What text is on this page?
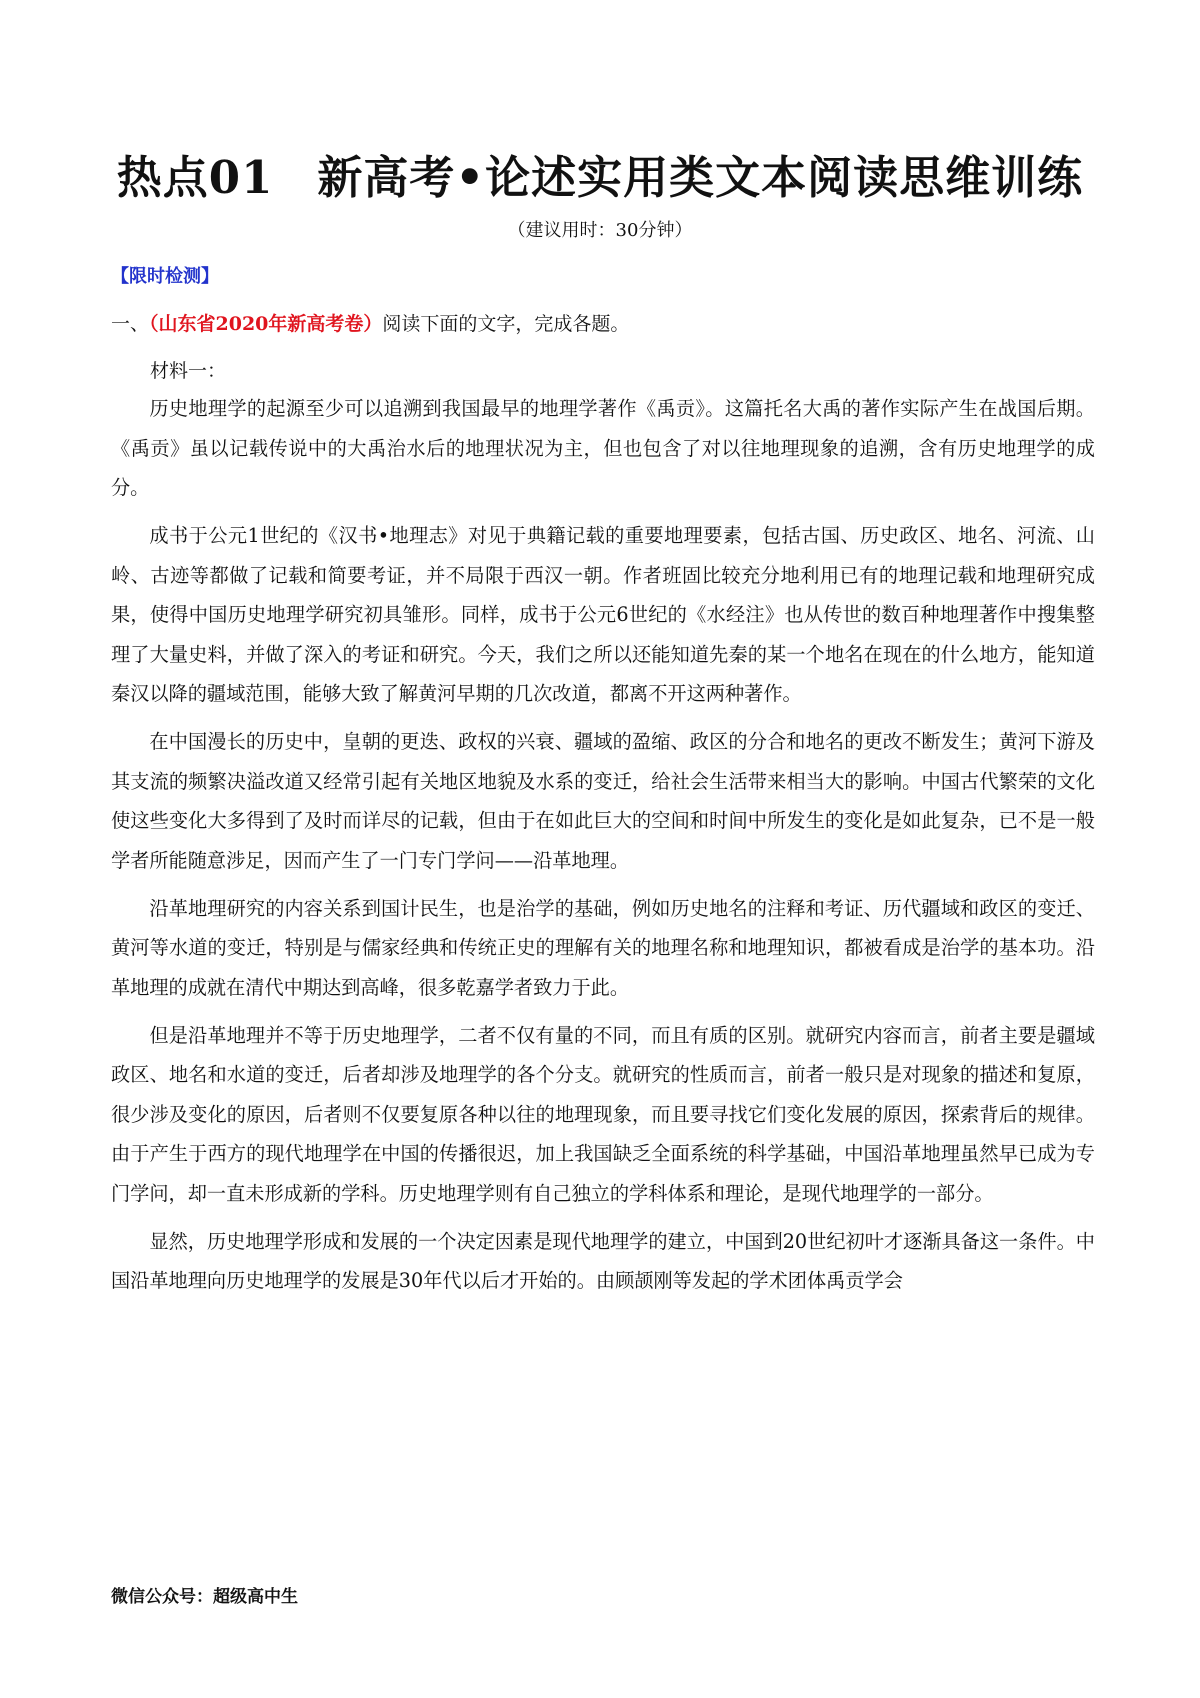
热点01 新高考•论述实用类文本阅读思维训练
（建议用时：30分钟）
【限时检测】
一、（山东省2020年新高考卷）阅读下面的文字，完成各题。
材料一：

历史地理学的起源至少可以追溯到我国最早的地理学著作《禹贡》。这篇托名大禹的著作实际产生在战国后期。《禹贡》虽以记载传说中的大禹治水后的地理状况为主，但也包含了对以往地理现象的追溯，含有历史地理学的成分。

成书于公元1世纪的《汉书•地理志》对见于典籍记载的重要地理要素，包括古国、历史政区、地名、河流、山岭、古迹等都做了记载和简要考证，并不局限于西汉一朝。作者班固比较充分地利用已有的地理记载和地理研究成果，使得中国历史地理学研究初具雏形。同样，成书于公元6世纪的《水经注》也从传世的数百种地理著作中搜集整理了大量史料，并做了深入的考证和研究。今天，我们之所以还能知道先秦的某一个地名在现在的什么地方，能知道秦汉以降的疆域范围，能够大致了解黄河早期的几次改道，都离不开这两种著作。

在中国漫长的历史中，皇朝的更迭、政权的兴衰、疆域的盈缩、政区的分合和地名的更改不断发生；黄河下游及其支流的频繁决溢改道又经常引起有关地区地貌及水系的变迁，给社会生活带来相当大的影响。中国古代繁荣的文化使这些变化大多得到了及时而详尽的记载，但由于在如此巨大的空间和时间中所发生的变化是如此复杂，已不是一般学者所能随意涉足，因而产生了一门专门学问——沿革地理。

沿革地理研究的内容关系到国计民生，也是治学的基础，例如历史地名的注释和考证、历代疆域和政区的变迁、黄河等水道的变迁，特别是与儒家经典和传统正史的理解有关的地理名称和地理知识，都被看成是治学的基本功。沿革地理的成就在清代中期达到高峰，很多乾嘉学者致力于此。

但是沿革地理并不等于历史地理学，二者不仅有量的不同，而且有质的区别。就研究内容而言，前者主要是疆域政区、地名和水道的变迁，后者却涉及地理学的各个分支。就研究的性质而言，前者一般只是对现象的描述和复原，很少涉及变化的原因，后者则不仅要复原各种以往的地理现象，而且要寻找它们变化发展的原因，探索背后的规律。由于产生于西方的现代地理学在中国的传播很迟，加上我国缺乏全面系统的科学基础，中国沿革地理虽然早已成为专门学问，却一直未形成新的学科。历史地理学则有自己独立的学科体系和理论，是现代地理学的一部分。

显然，历史地理学形成和发展的一个决定因素是现代地理学的建立，中国到20世纪初叶才逐渐具备这一条件。中国沿革地理向历史地理学的发展是30年代以后才开始的。由顾颉刚等发起的学术团体禹贡学会

微信公众号：超级高中生
